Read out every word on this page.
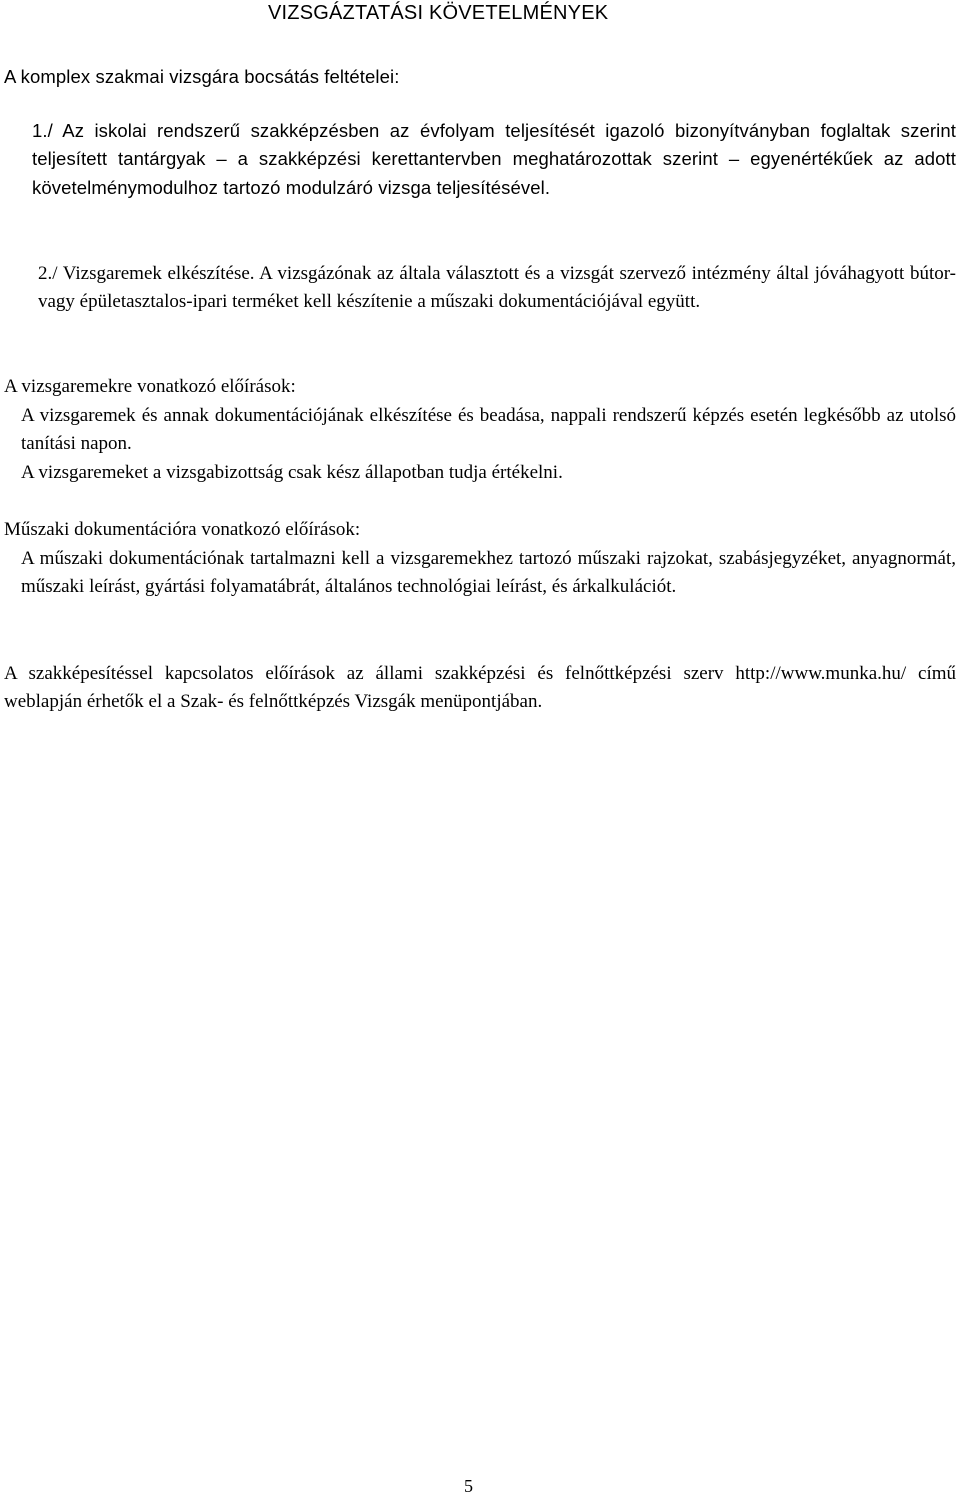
VIZSGÁZTATÁSI KÖVETELMÉNYEK
A komplex szakmai vizsgára bocsátás feltételei:
1./ Az iskolai rendszerű szakképzésben az évfolyam teljesítését igazoló bizonyítványban foglaltak szerint teljesített tantárgyak – a szakképzési kerettantervben meghatározottak szerint – egyenértékűek az adott követelménymodulhoz tartozó modulzáró vizsga teljesítésével.
2./ Vizsgaremek elkészítése. A vizsgázónak az általa választott és a vizsgát szervező intézmény által jóváhagyott bútor- vagy épületasztalos-ipari terméket kell készítenie a műszaki dokumentációjával együtt.
A vizsgaremekre vonatkozó előírások:
A vizsgaremek és annak dokumentációjának elkészítése és beadása, nappali rendszerű képzés esetén legkésőbb az utolsó tanítási napon.
A vizsgaremeket a vizsgabizottság csak kész állapotban tudja értékelni.
Műszaki dokumentációra vonatkozó előírások:
A műszaki dokumentációnak tartalmazni kell a vizsgaremekhez tartozó műszaki rajzokat, szabásjegyzéket, anyagnormát, műszaki leírást, gyártási folyamatábrát, általános technológiai leírást, és árkalkulációt.
A szakképesítéssel kapcsolatos előírások az állami szakképzési és felnőttképzési szerv http://www.munka.hu/ című weblapján érhetők el a Szak- és felnőttképzés Vizsgák menüpontjában.
5
